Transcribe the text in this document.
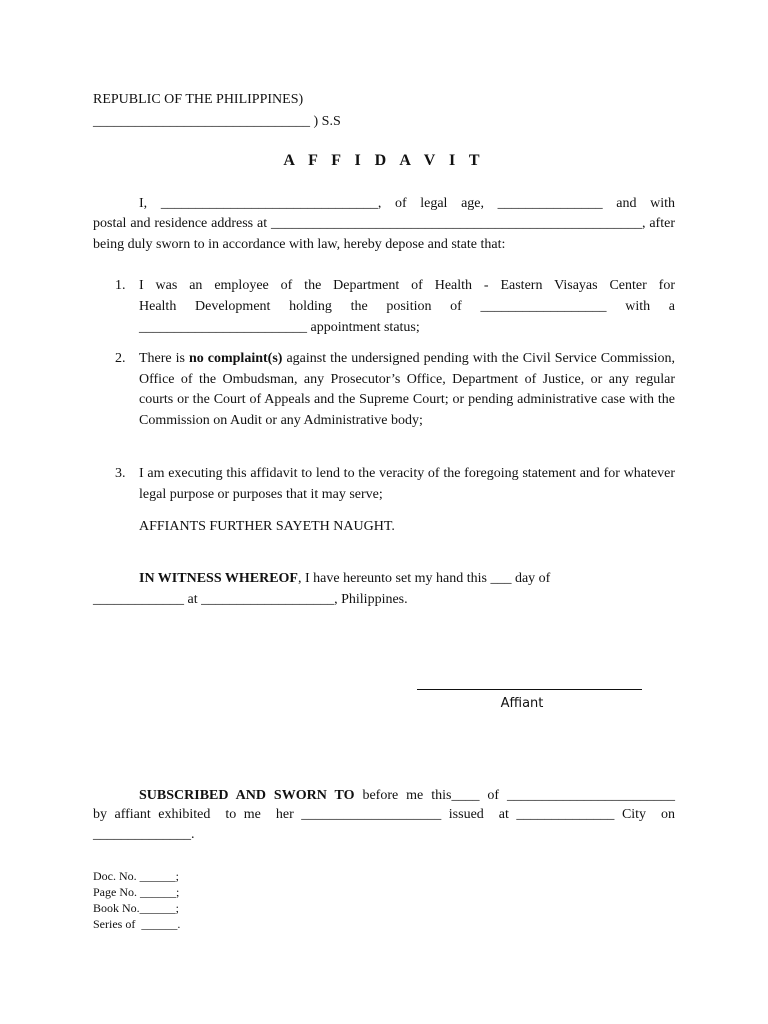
REPUBLIC OF THE PHILIPPINES)
_______________________________ ) S.S
A F F I D A V I T
I, _______________________________, of legal age, _______________ and with
postal and residence address at _____________________________________________________, after
being duly sworn to in accordance with law, hereby depose and state that:
1. I was an employee of the Department of Health - Eastern Visayas Center for
Health Development holding the position of __________________ with a
________________________ appointment status;
2. There is no complaint(s) against the undersigned pending with the Civil Service Commission, Office of the Ombudsman, any Prosecutor’s Office, Department of Justice, or any regular courts or the Court of Appeals and the Supreme Court; or pending administrative case with the Commission on Audit or any Administrative body;
3. I am executing this affidavit to lend to the veracity of the foregoing statement and for whatever legal purpose or purposes that it may serve;
AFFIANTS FURTHER SAYETH NAUGHT.
IN WITNESS WHEREOF, I have hereunto set my hand this ___ day of
_____________ at ___________________, Philippines.
Affiant
SUBSCRIBED AND SWORN TO before me this____ of ________________________
by affiant exhibited  to me  her ____________________ issued  at ______________ City  on
______________.
Doc. No. ______;
Page No. ______;
Book No.______;
Series of  ______.
